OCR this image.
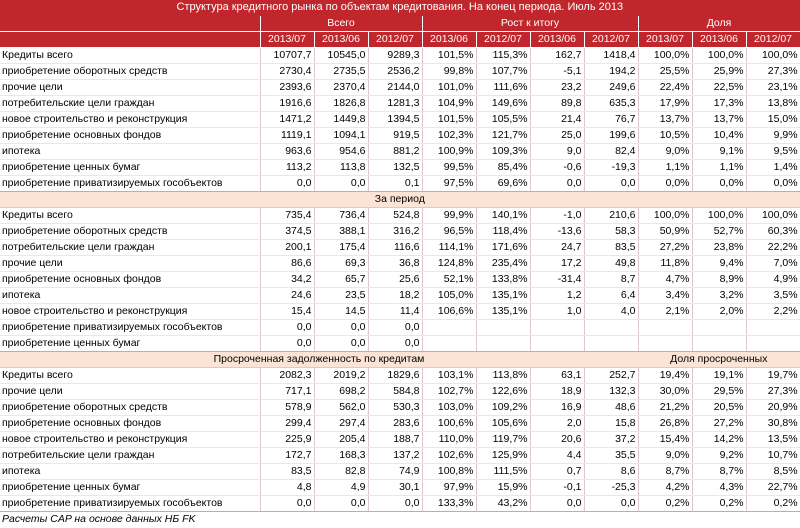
Структура кредитного рынка по объектам кредитования. На конец периода. Июль 2013										
	Всего			Рост к итогу				Доля		
	2013/07	2013/06	2012/07	2013/06	2012/07	2013/06	2012/07	2013/07	2013/06	2012/07
Кредиты всего	10707,7	10545,0	9289,3	101,5%	115,3%	162,7	1418,4	100,0%	100,0%	100,0%
приобретение оборотных средств	2730,4	2735,5	2536,2	99,8%	107,7%	-5,1	194,2	25,5%	25,9%	27,3%
прочие цели	2393,6	2370,4	2144,0	101,0%	111,6%	23,2	249,6	22,4%	22,5%	23,1%
потребительские цели граждан	1916,6	1826,8	1281,3	104,9%	149,6%	89,8	635,3	17,9%	17,3%	13,8%
новое строительство и реконструкция	1471,2	1449,8	1394,5	101,5%	105,5%	21,4	76,7	13,7%	13,7%	15,0%
приобретение основных фондов	1119,1	1094,1	919,5	102,3%	121,7%	25,0	199,6	10,5%	10,4%	9,9%
ипотека	963,6	954,6	881,2	100,9%	109,3%	9,0	82,4	9,0%	9,1%	9,5%
приобретение ценных бумаг	113,2	113,8	132,5	99,5%	85,4%	-0,6	-19,3	1,1%	1,1%	1,4%
приобретение приватизируемых гособъектов	0,0	0,0	0,1	97,5%	69,6%	0,0	0,0	0,0%	0,0%	0,0%
За период										
Кредиты всего	735,4	736,4	524,8	99,9%	140,1%	-1,0	210,6	100,0%	100,0%	100,0%
приобретение оборотных средств	374,5	388,1	316,2	96,5%	118,4%	-13,6	58,3	50,9%	52,7%	60,3%
потребительские цели граждан	200,1	175,4	116,6	114,1%	171,6%	24,7	83,5	27,2%	23,8%	22,2%
прочие цели	86,6	69,3	36,8	124,8%	235,4%	17,2	49,8	11,8%	9,4%	7,0%
приобретение основных фондов	34,2	65,7	25,6	52,1%	133,8%	-31,4	8,7	4,7%	8,9%	4,9%
ипотека	24,6	23,5	18,2	105,0%	135,1%	1,2	6,4	3,4%	3,2%	3,5%
новое строительство и реконструкция	15,4	14,5	11,4	106,6%	135,1%	1,0	4,0	2,1%	2,0%	2,2%
приобретение приватизируемых гособъектов	0,0	0,0	0,0							
приобретение ценных бумаг	0,0	0,0	0,0							
Просроченная задолженность по кредитам								Доля просроченных		
Кредиты всего	2082,3	2019,2	1829,6	103,1%	113,8%	63,1	252,7	19,4%	19,1%	19,7%
прочие цели	717,1	698,2	584,8	102,7%	122,6%	18,9	132,3	30,0%	29,5%	27,3%
приобретение оборотных средств	578,9	562,0	530,3	103,0%	109,2%	16,9	48,6	21,2%	20,5%	20,9%
приобретение основных фондов	299,4	297,4	283,6	100,6%	105,6%	2,0	15,8	26,8%	27,2%	30,8%
новое строительство и реконструкция	225,9	205,4	188,7	110,0%	119,7%	20,6	37,2	15,4%	14,2%	13,5%
потребительские цели граждан	172,7	168,3	137,2	102,6%	125,9%	4,4	35,5	9,0%	9,2%	10,7%
ипотека	83,5	82,8	74,9	100,8%	111,5%	0,7	8,6	8,7%	8,7%	8,5%
приобретение ценных бумаг	4,8	4,9	30,1	97,9%	15,9%	-0,1	-25,3	4,2%	4,3%	22,7%
приобретение приватизируемых гособъектов	0,0	0,0	0,0	133,3%	43,2%	0,0	0,0	0,2%	0,2%	0,2%
Расчеты CAP на основе данных НБ FK										
